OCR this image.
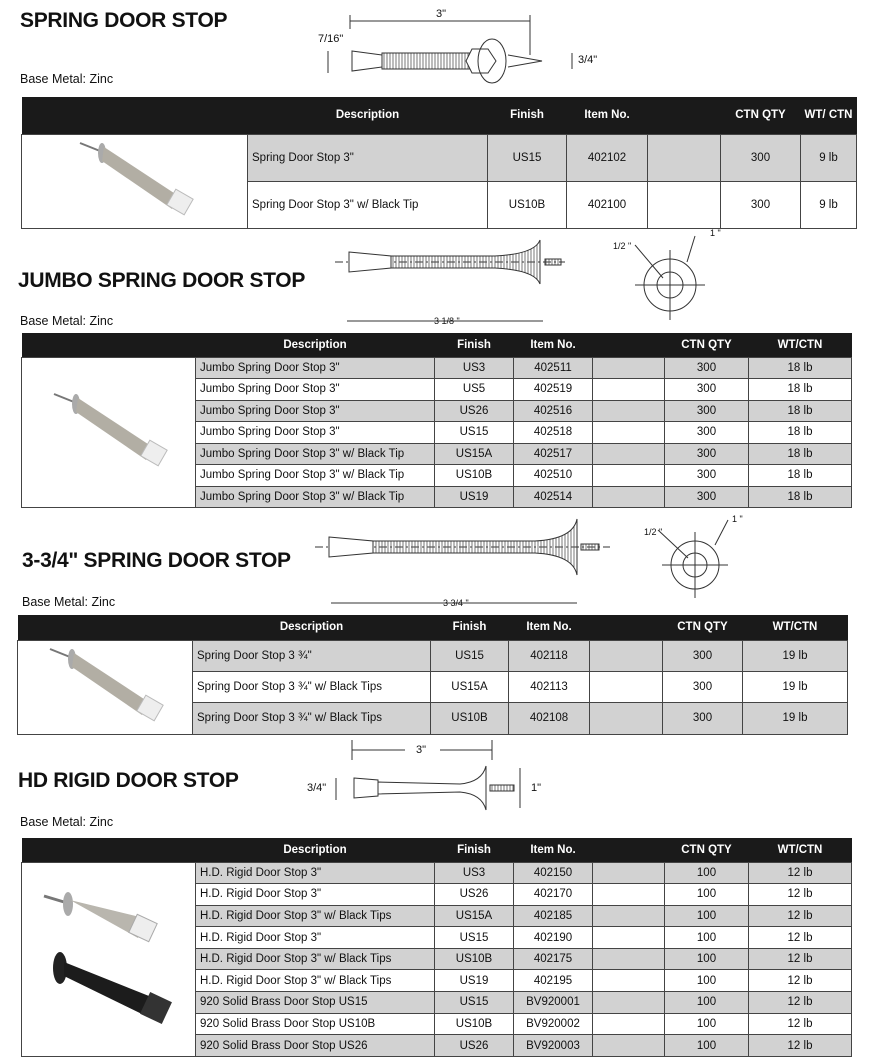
SPRING DOOR STOP
Base Metal: Zinc
3"
7/16"
3/4"
	Description	Finish	Item No.		CTN QTY	WT/ CTN
	Spring Door Stop 3"	US15	402102		300	9 lb
	Spring Door Stop 3" w/ Black Tip	US10B	402100		300	9 lb
JUMBO SPRING DOOR STOP
Base Metal: Zinc	3 1/8 "
1/2 "
1 "
	Description	Finish	Item No.		CTN QTY	WT/CTN
	Jumbo Spring Door Stop 3"	US3	402511		300	18 lb
	Jumbo Spring Door Stop 3"	US5	402519		300	18 lb
	Jumbo Spring Door Stop 3"	US26	402516		300	18 lb
	Jumbo Spring Door Stop 3"	US15	402518		300	18 lb
	Jumbo Spring Door Stop 3" w/ Black Tip	US15A	402517		300	18 lb
	Jumbo Spring Door Stop 3" w/ Black Tip	US10B	402510		300	18 lb
	Jumbo Spring Door Stop 3" w/ Black Tip	US19	402514		300	18 lb
3-3/4" SPRING DOOR STOP
Base Metal: Zinc	3 3/4 "
1/2 "
1 "
	Description	Finish	Item No.		CTN QTY	WT/CTN
	Spring Door Stop 3 ¾"	US15	402118		300	19 lb
	Spring Door Stop 3 ¾" w/ Black Tips	US15A	402113		300	19 lb
	Spring Door Stop 3 ¾" w/ Black Tips	US10B	402108		300	19 lb
HD RIGID DOOR STOP
Base Metal: Zinc
3"
3/4"	1"
	Description	Finish	Item No.		CTN QTY	WT/CTN
	H.D. Rigid Door Stop 3"	US3	402150		100	12 lb
	H.D. Rigid Door Stop 3"	US26	402170		100	12 lb
	H.D. Rigid Door Stop 3" w/ Black Tips	US15A	402185		100	12 lb
	H.D. Rigid Door Stop 3"	US15	402190		100	12 lb
	H.D. Rigid Door Stop 3" w/ Black Tips	US10B	402175		100	12 lb
	H.D. Rigid Door Stop 3" w/ Black Tips	US19	402195		100	12 lb
	920 Solid Brass Door Stop US15	US15	BV920001		100	12 lb
	920 Solid Brass Door Stop US10B	US10B	BV920002		100	12 lb
	920 Solid Brass Door Stop US26	US26	BV920003		100	12 lb
